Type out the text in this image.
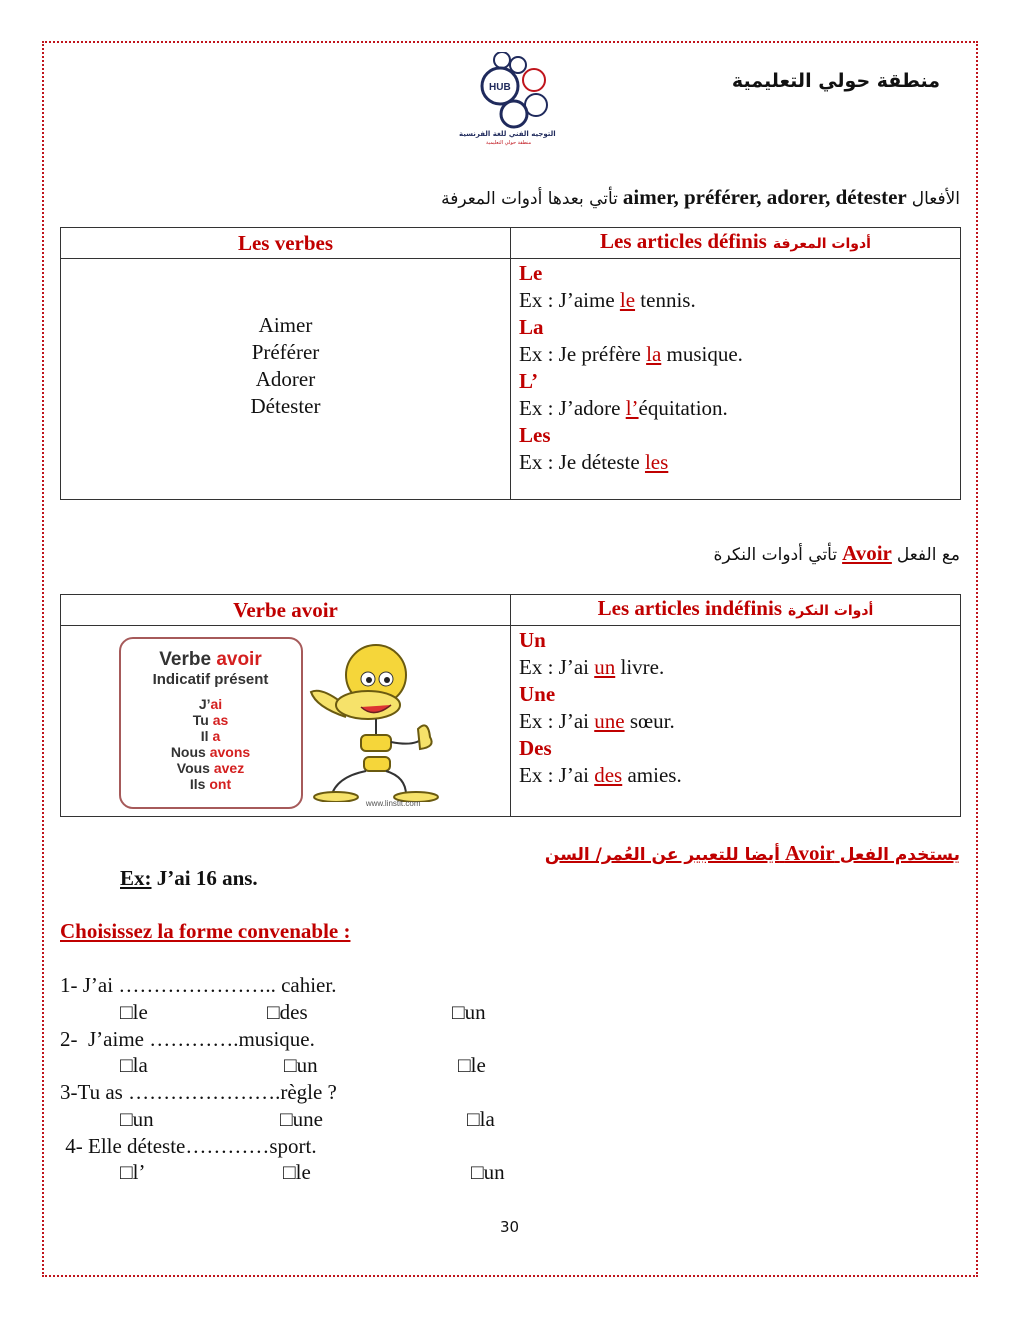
منطقة حولي التعليمية
HUB
التوجيه الفني للغة الفرنسية
منطقة حولي التعليمية
الأفعال aimer, préférer, adorer, détester تأتي بعدها أدوات المعرفة
Les verbes	Les articles définis أدوات المعرفة

Aimer
Préférer
Adorer
Détester

Le
Ex : J’aime le tennis.
La
Ex : Je préfère la musique.
L’
Ex : J’adore l’équitation.
Les
Ex : Je déteste les
مع الفعل Avoir تأتي أدوات النكرة
Verbe avoir	Les articles indéfinis أدوات النكرة

Verbe avoir
Indicatif présent
J’ai
Tu as
Il a
Nous avons
Vous avez
Ils ont
www.linstit.com

Un
Ex : J’ai un livre.
Une
Ex : J’ai une sœur.
Des
Ex : J’ai des amies.
يستخدم الفعل Avoir أيضا للتعبير عن العُمر/ السن
Ex: J’ai 16 ans.
Choisissez la forme convenable :
1- J’ai ………………….. cahier.
□le	□des	□un
2-  J’aime ………….musique.
□la	□un	□le
3-Tu as ………………….règle ?
□un	□une	□la
4- Elle déteste…………sport.
□l’	□le	□un
30
